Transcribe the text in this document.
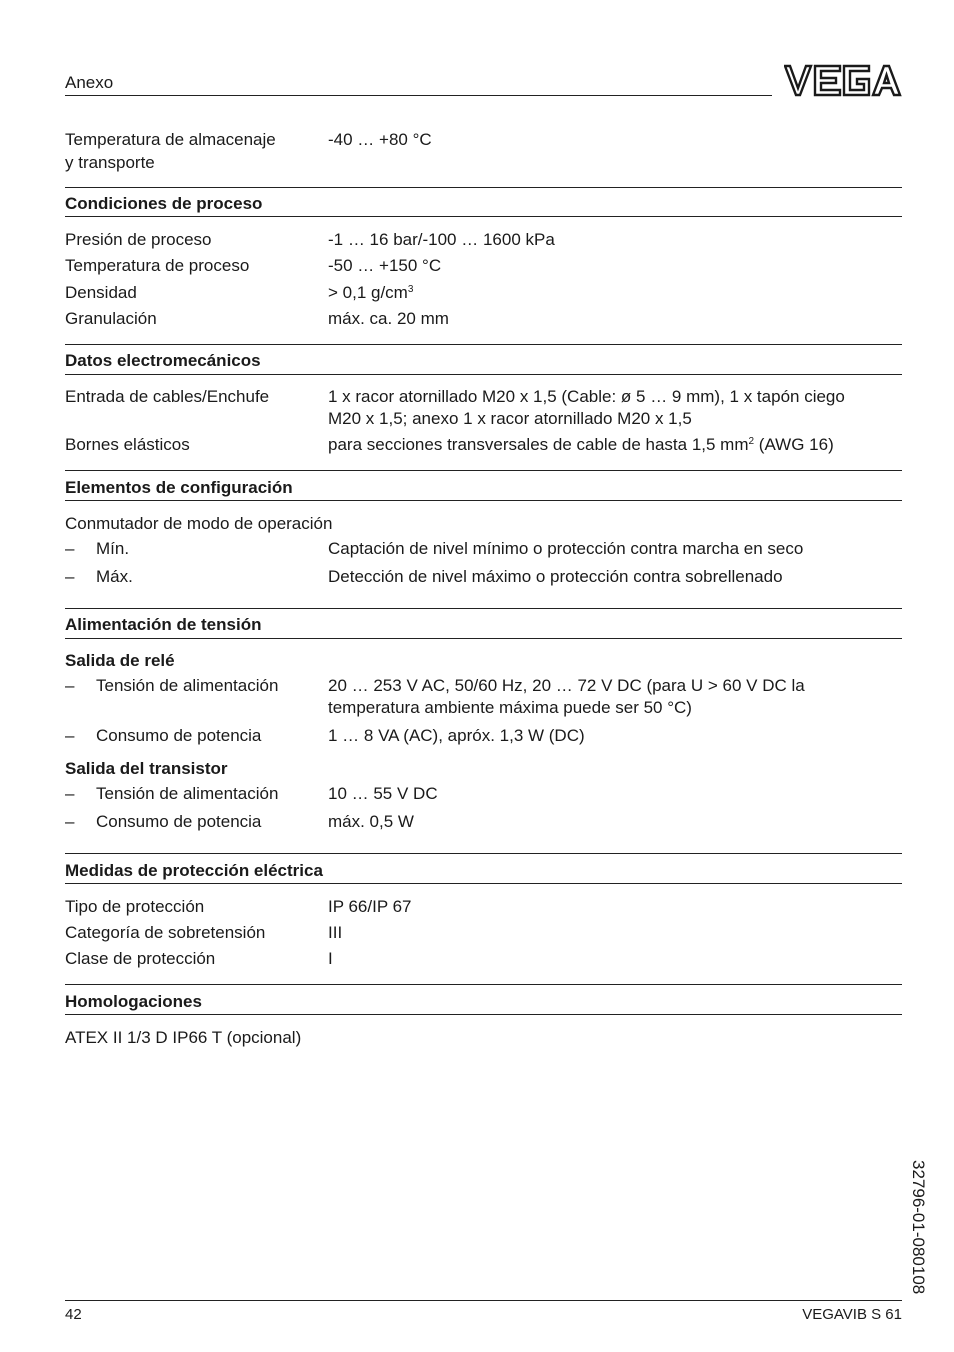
Anexo
Temperatura de almacenaje
y transporte
-40 … +80 °C
Condiciones de proceso
Presión de proceso	-1 … 16 bar/-100 … 1600 kPa
Temperatura de proceso	-50 … +150 °C
Densidad	> 0,1 $g/cm^3$
Granulación	máx. ca. 20 mm
Datos electromecánicos
Entrada de cables/Enchufe	1 x racor atornillado M20 x 1,5 (Cable: ø 5 … 9 mm), 1 x tapón ciego
M20 x 1,5; anexo 1 x racor atornillado M20 x 1,5
Bornes elásticos	para secciones transversales de cable de hasta 1,5 $mm^2$ (AWG 16)
Elementos de configuración
Conmutador de modo de operación
– Mín.	Captación de nivel mínimo o protección contra marcha en seco
– Máx.	Detección de nivel máximo o protección contra sobrellenado
Alimentación de tensión
Salida de relé
– Tensión de alimentación	20 … 253 V AC, 50/60 Hz, 20 … 72 V DC (para U > 60 V DC la
temperatura ambiente máxima puede ser 50 °C)
– Consumo de potencia	1 … 8 VA (AC), apróx. 1,3 W (DC)
Salida del transistor
– Tensión de alimentación	10 … 55 V DC
– Consumo de potencia	máx. 0,5 W
Medidas de protección eléctrica
Tipo de protección	IP 66/IP 67
Categoría de sobretensión	III
Clase de protección	I
Homologaciones
ATEX II 1/3 D IP66 T (opcional)
32796-01-080108
42	VEGAVIB S 61
